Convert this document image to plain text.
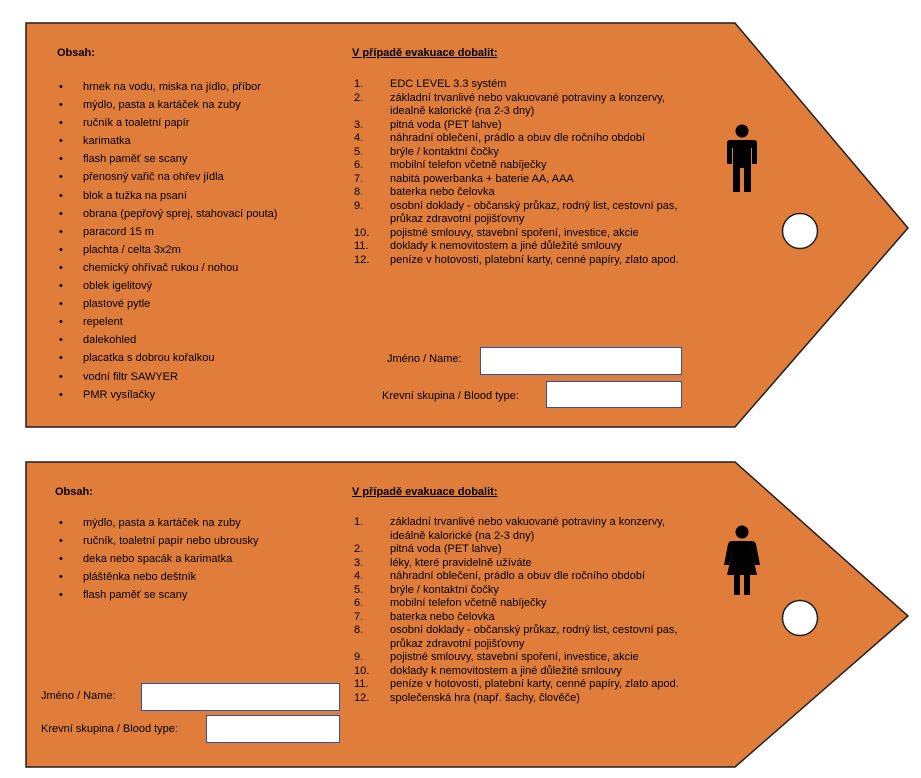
Obsah:
• hrnek na vodu, miska na jídlo, příbor
• mýdlo, pasta a kartáček na zuby
• ručník a toaletní papír
• karimatka
• flash paměť se scany
• přenosný vařič na ohřev jídla
• blok a tužka na psaní
• obrana (pepřový sprej, stahovací pouta)
• paracord 15 m
• plachta / celta 3x2m
• chemický ohřívač rukou / nohou
• oblek igelitový
• plastové pytle
• repelent
• dalekohled
• placatka s dobrou kořalkou
• vodní filtr SAWYER
• PMR vysílačky
V případě evakuace dobalit:
1. EDC LEVEL 3.3 systém
2. základní trvanlivé nebo vakuované potraviny a konzervy,
idealně kalorické (na 2-3 dny)
3. pitná voda (PET lahve)
4. náhradní oblečení, prádlo a obuv dle ročního období
5. brýle / kontaktní čočky
6. mobilní telefon včetně nabíječky
7. nabitá powerbanka + baterie AA, AAA
8. baterka nebo čelovka
9. osobní doklady - občanský průkaz, rodný list, cestovní pas,
průkaz zdravotní pojišťovny
10. pojistné smlouvy, stavební spoření, investice, akcie
11. doklady k nemovitostem a jiné důležité smlouvy
12. peníze v hotovosti, platební karty, cenné papíry, zlato apod.
Jméno / Name:
Krevní skupina / Blood type:
Obsah:
• mýdlo, pasta a kartáček na zuby
• ručník, toaletní papír nebo ubrousky
• deka nebo spacák a karimatka
• pláštěnka nebo deštník
• flash paměť se scany
V případě evakuace dobalit:
1. základní trvanlivé nebo vakuované potraviny a konzervy,
ideálně kalorické (na 2-3 dny)
2. pitná voda (PET lahve)
3. léky, které pravidelně užíváte
4. náhradní oblečení, prádlo a obuv dle ročního období
5. brýle / kontaktní čočky
6. mobilní telefon včetně nabíječky
7. baterka nebo čelovka
8. osobní doklady - občanský průkaz, rodný list, cestovní pas,
průkaz zdravotní pojišťovny
9. pojistné smlouvy, stavební spoření, investice, akcie
10. doklady k nemovitostem a jiné důležité smlouvy
11. peníze v hotovosti, platební karty, cenné papíry, zlato apod.
12. společenská hra (např. šachy, člověče)
Jméno / Name:
Krevní skupina / Blood type:
